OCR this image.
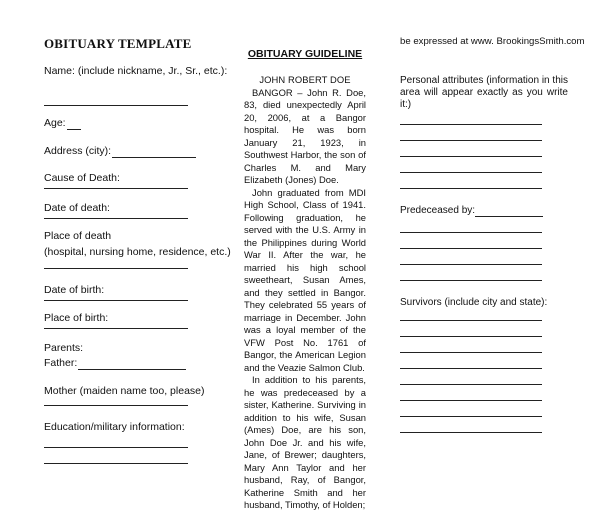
OBITUARY TEMPLATE
Name: (include nickname, Jr., Sr., etc.):
Age:
Address (city):
Cause of Death:
Date of death:
Place of death
(hospital, nursing home, residence, etc.)
Date of birth:
Place of birth:
Parents:
Father:
Mother (maiden name too, please)
Education/military information:
OBITUARY GUIDELINE
JOHN ROBERT DOE

BANGOR – John R. Doe, 83, died unexpectedly April 20, 2006, at a Bangor hospital. He was born January 21, 1923, in Southwest Harbor, the son of Charles M. and Mary Elizabeth (Jones) Doe.

John graduated from MDI High School, Class of 1941. Following graduation, he served with the U.S. Army in the Philippines during World War II. After the war, he married his high school sweetheart, Susan Ames, and they settled in Bangor. They celebrated 55 years of marriage in December. John was a loyal member of the VFW Post No. 1761 of Bangor, the American Legion and the Veazie Salmon Club.

In addition to his parents, he was predeceased by a sister, Katherine. Surviving in addition to his wife, Susan (Ames) Doe, are his son, John Doe Jr. and his wife, Jane, of Brewer; daughters, Mary Ann Taylor and her husband, Ray, of Bangor, Katherine Smith and her husband, Timothy, of Holden;

be expressed at www. BrookingsSmith.com

Personal attributes (information in this area will appear exactly as you write it:)
Predeceased by:
Survivors (include city and state):
